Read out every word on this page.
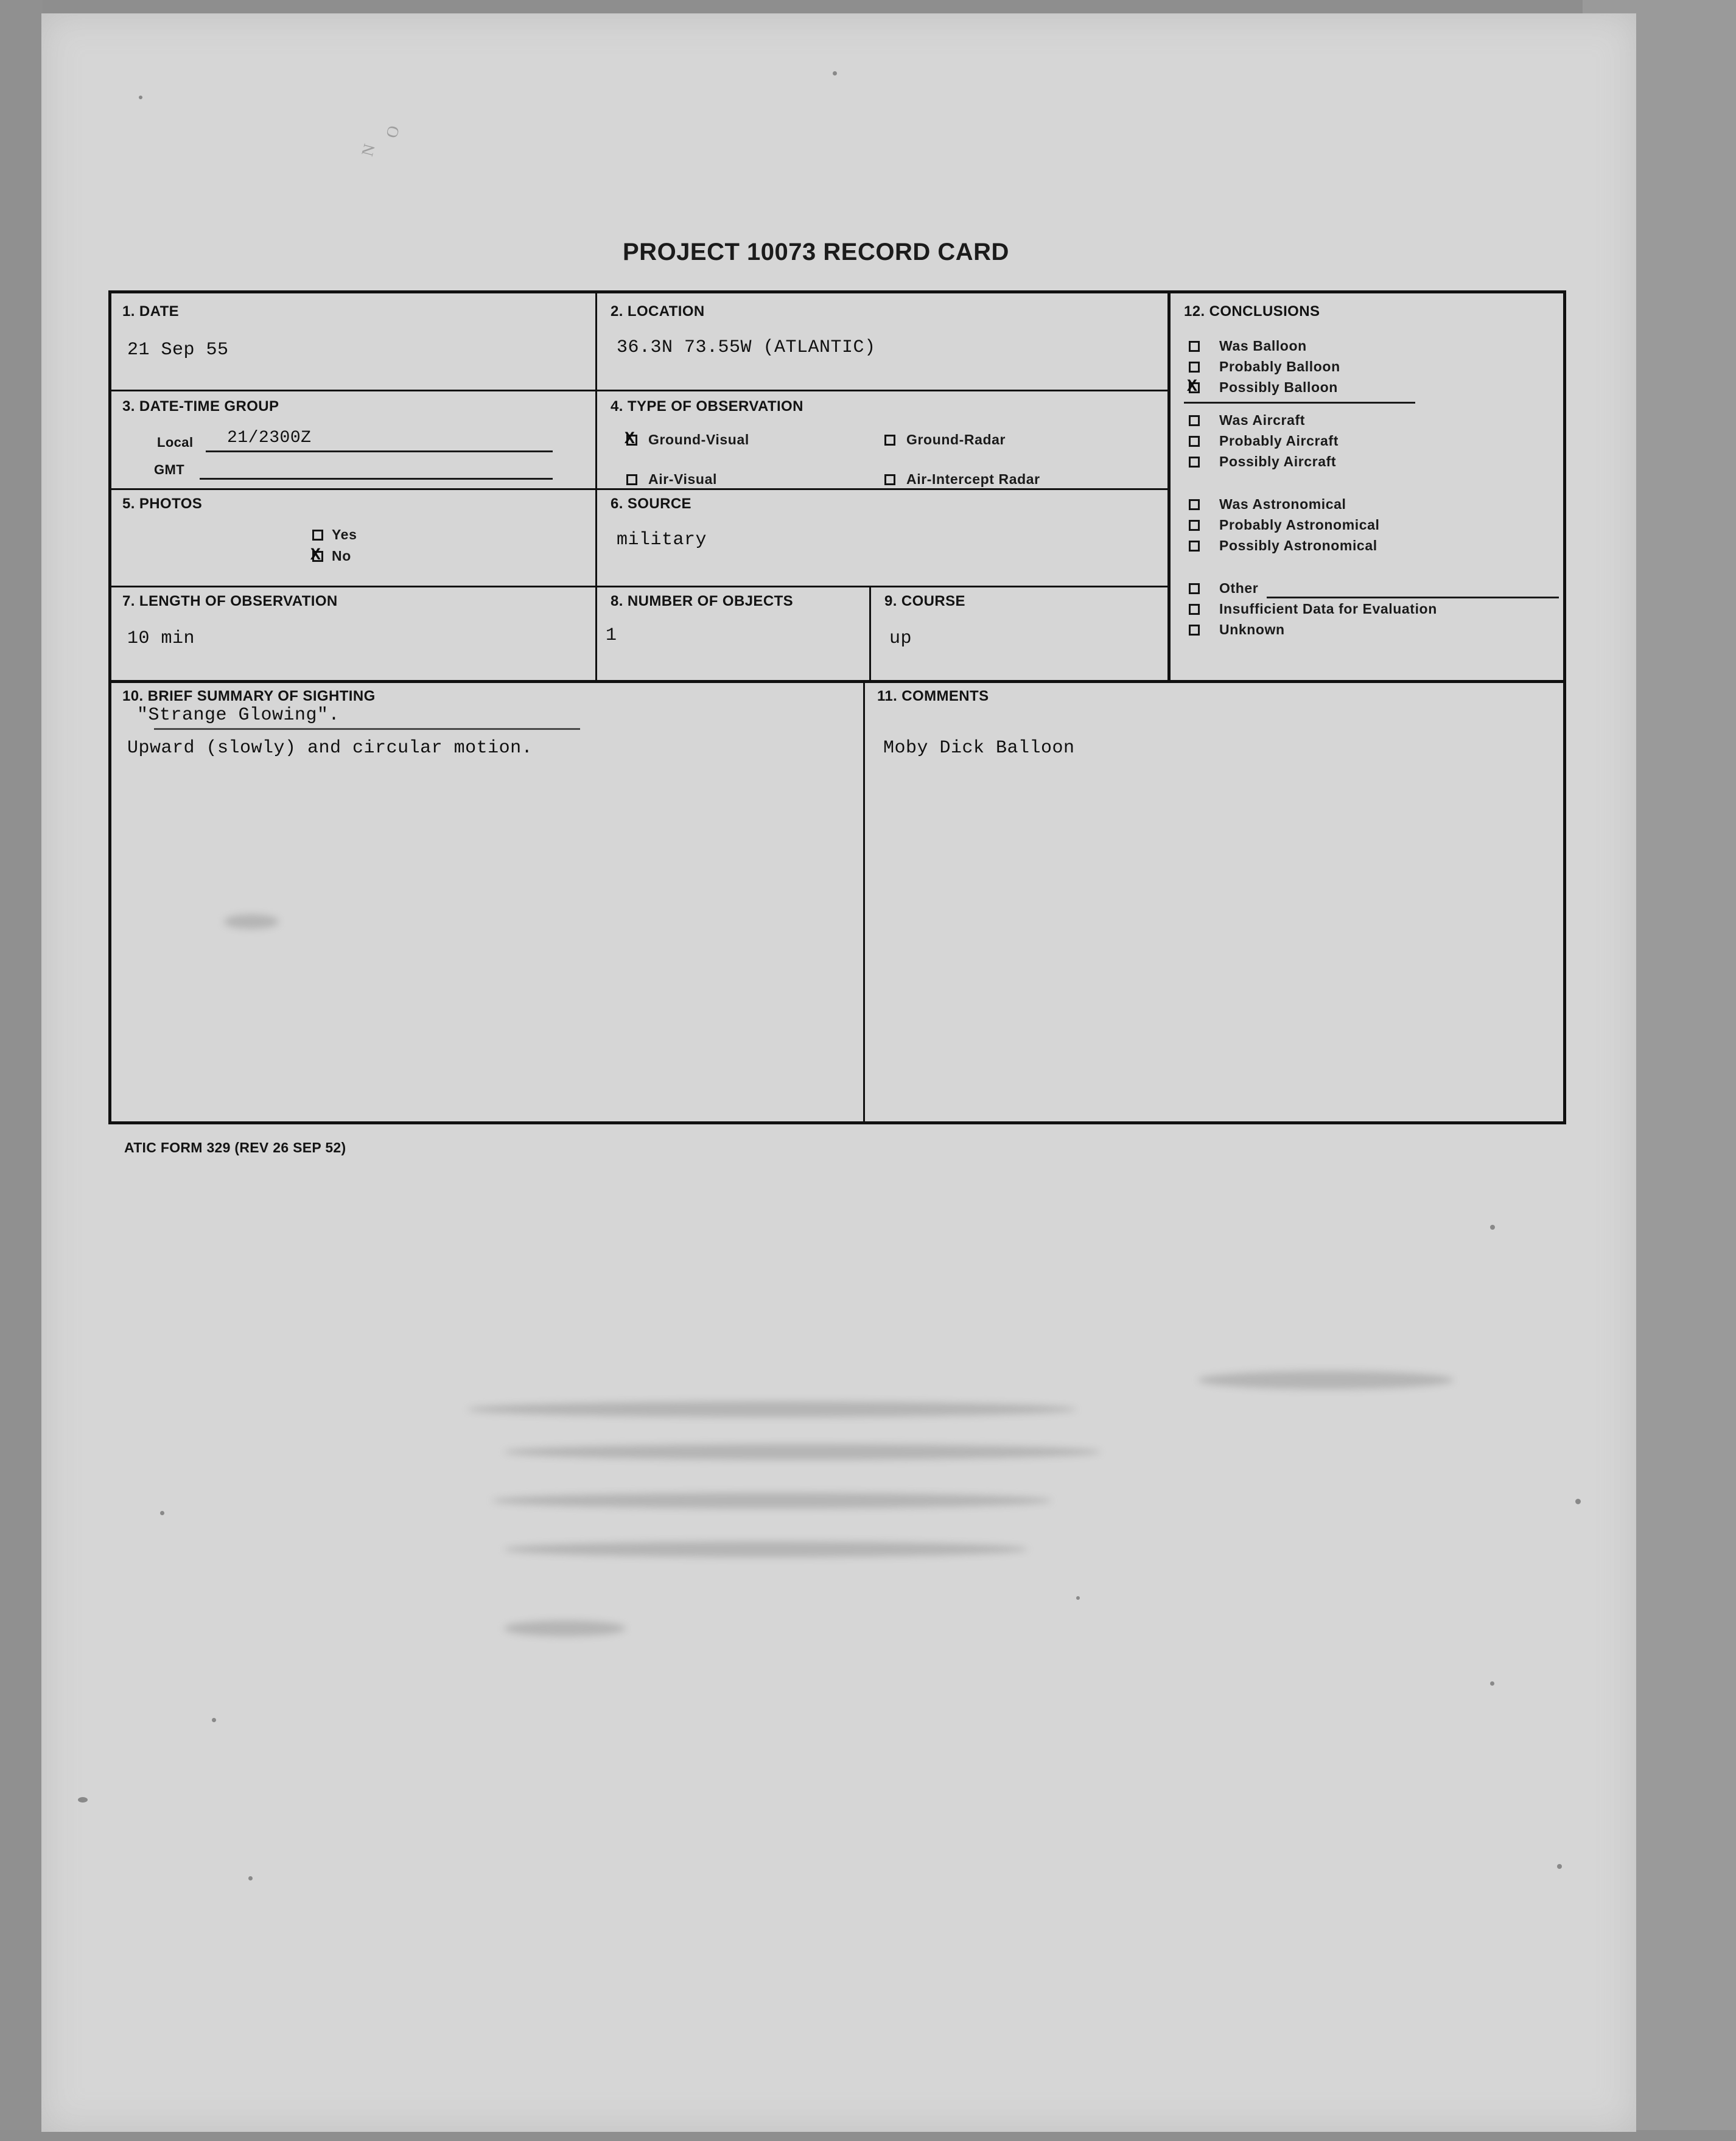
O
N
PROJECT 10073 RECORD CARD
1. DATE
21 Sep 55
2. LOCATION
36.3N 73.55W (ATLANTIC)
3. DATE-TIME GROUP
Local 21/2300Z
GMT
4. TYPE OF OBSERVATION
X Ground-Visual	Ground-Radar
Air-Visual	Air-Intercept Radar
5. PHOTOS
Yes
X No
6. SOURCE
military
7. LENGTH OF OBSERVATION
10 min
8. NUMBER OF OBJECTS
1
9. COURSE
up
10. BRIEF SUMMARY OF SIGHTING
"Strange Glowing".
Upward (slowly) and circular motion.
11. COMMENTS
Moby Dick Balloon
12. CONCLUSIONS
Was Balloon
Probably Balloon
X Possibly Balloon
Was Aircraft
Probably Aircraft
Possibly Aircraft
Was Astronomical
Probably Astronomical
Possibly Astronomical
Other
Insufficient Data for Evaluation
Unknown
ATIC FORM 329 (REV 26 SEP 52)
